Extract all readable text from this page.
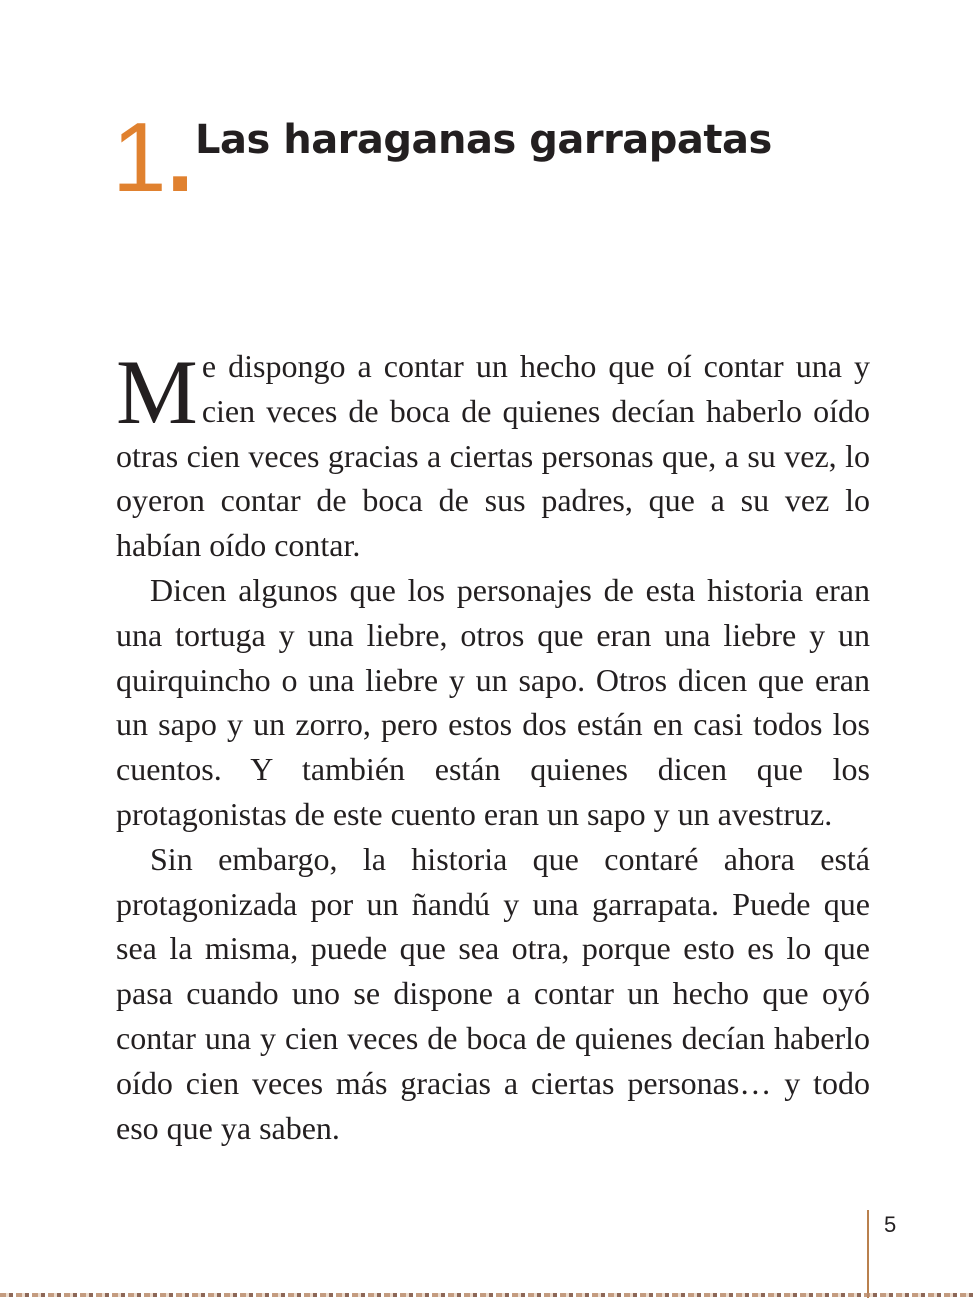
1. Las haraganas garrapatas

Me dispongo a contar un hecho que oí contar una y cien veces de boca de quienes decían haberlo oído otras cien veces gracias a ciertas personas que, a su vez, lo oyeron contar de boca de sus padres, que a su vez lo habían oído contar.

Dicen algunos que los personajes de esta historia eran una tortuga y una liebre, otros que eran una liebre y un quirquincho o una liebre y un sapo. Otros dicen que eran un sapo y un zorro, pero estos dos están en casi todos los cuentos. Y también están quienes dicen que los protagonistas de este cuento eran un sapo y un avestruz.

Sin embargo, la historia que contaré ahora está protagonizada por un ñandú y una garrapata. Puede que sea la misma, puede que sea otra, porque esto es lo que pasa cuando uno se dispone a contar un hecho que oyó contar una y cien veces de boca de quienes decían haberlo oído cien veces más gracias a ciertas personas… y todo eso que ya saben.

5
